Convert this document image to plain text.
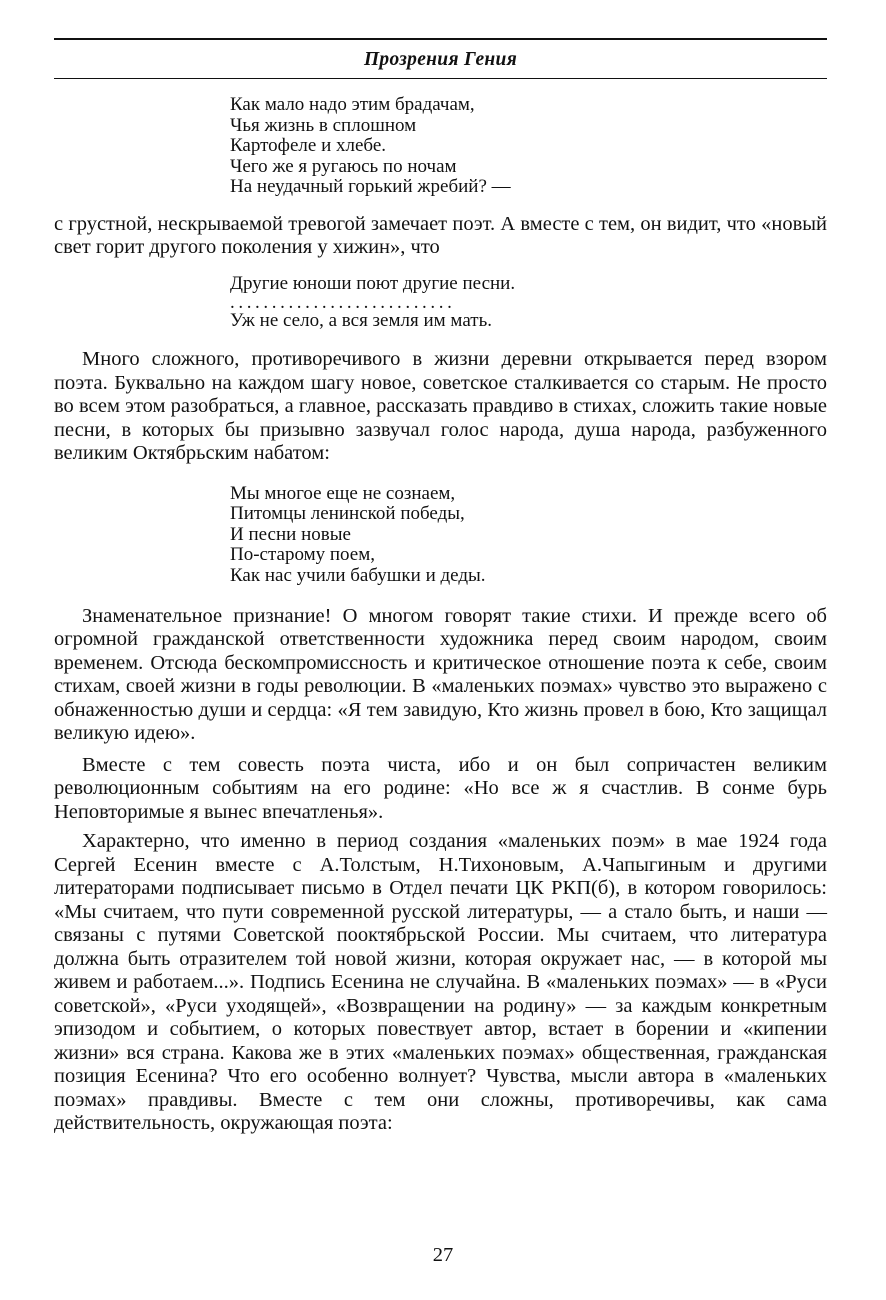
Прозрения Гения
Как мало надо этим брадачам,
Чья жизнь в сплошном
Картофеле и хлебе.
Чего же я ругаюсь по ночам
На неудачный горький жребий? —

с грустной, нескрываемой тревогой замечает поэт. А вместе с тем, он видит, что «новый свет горит другого поколения у хижин», что

Другие юноши поют другие песни.
...........................
Уж не село, а вся земля им мать.

Много сложного, противоречивого в жизни деревни открывается перед взором поэта. Буквально на каждом шагу новое, советское сталкивается со старым. Не просто во всем этом разобраться, а главное, рассказать правдиво в стихах, сложить такие новые песни, в которых бы призывно зазвучал голос народа, душа народа, разбуженного великим Октябрьским набатом:

Мы многое еще не сознаем,
Питомцы ленинской победы,
И песни новые
По-старому поем,
Как нас учили бабушки и деды.

Знаменательное признание! О многом говорят такие стихи. И прежде всего об огромной гражданской ответственности художника перед своим народом, своим временем. Отсюда бескомпромиссность и критическое отношение поэта к себе, своим стихам, своей жизни в годы революции. В «маленьких поэмах» чувство это выражено с обнаженностью души и сердца: «Я тем завидую, Кто жизнь провел в бою, Кто защищал великую идею».

Вместе с тем совесть поэта чиста, ибо и он был сопричастен великим революционным событиям на его родине: «Но все ж я счастлив. В сонме бурь Неповторимые я вынес впечатленья».

Характерно, что именно в период создания «маленьких поэм» в мае 1924 года Сергей Есенин вместе с А.Толстым, Н.Тихоновым, А.Чапыгиным и другими литераторами подписывает письмо в Отдел печати ЦК РКП(б), в котором говорилось: «Мы считаем, что пути современной русской литературы, — а стало быть, и наши — связаны с путями Советской пооктябрьской России. Мы считаем, что литература должна быть отразителем той новой жизни, которая окружает нас, — в которой мы живем и работаем...». Подпись Есенина не случайна. В «маленьких поэмах» — в «Руси советской», «Руси уходящей», «Возвращении на родину» — за каждым конкретным эпизодом и событием, о которых повествует автор, встает в борении и «кипении жизни» вся страна. Какова же в этих «маленьких поэмах» общественная, гражданская позиция Есенина? Что его особенно волнует? Чувства, мысли автора в «маленьких поэмах» правдивы. Вместе с тем они сложны, противоречивы, как сама действительность, окружающая поэта:

27
